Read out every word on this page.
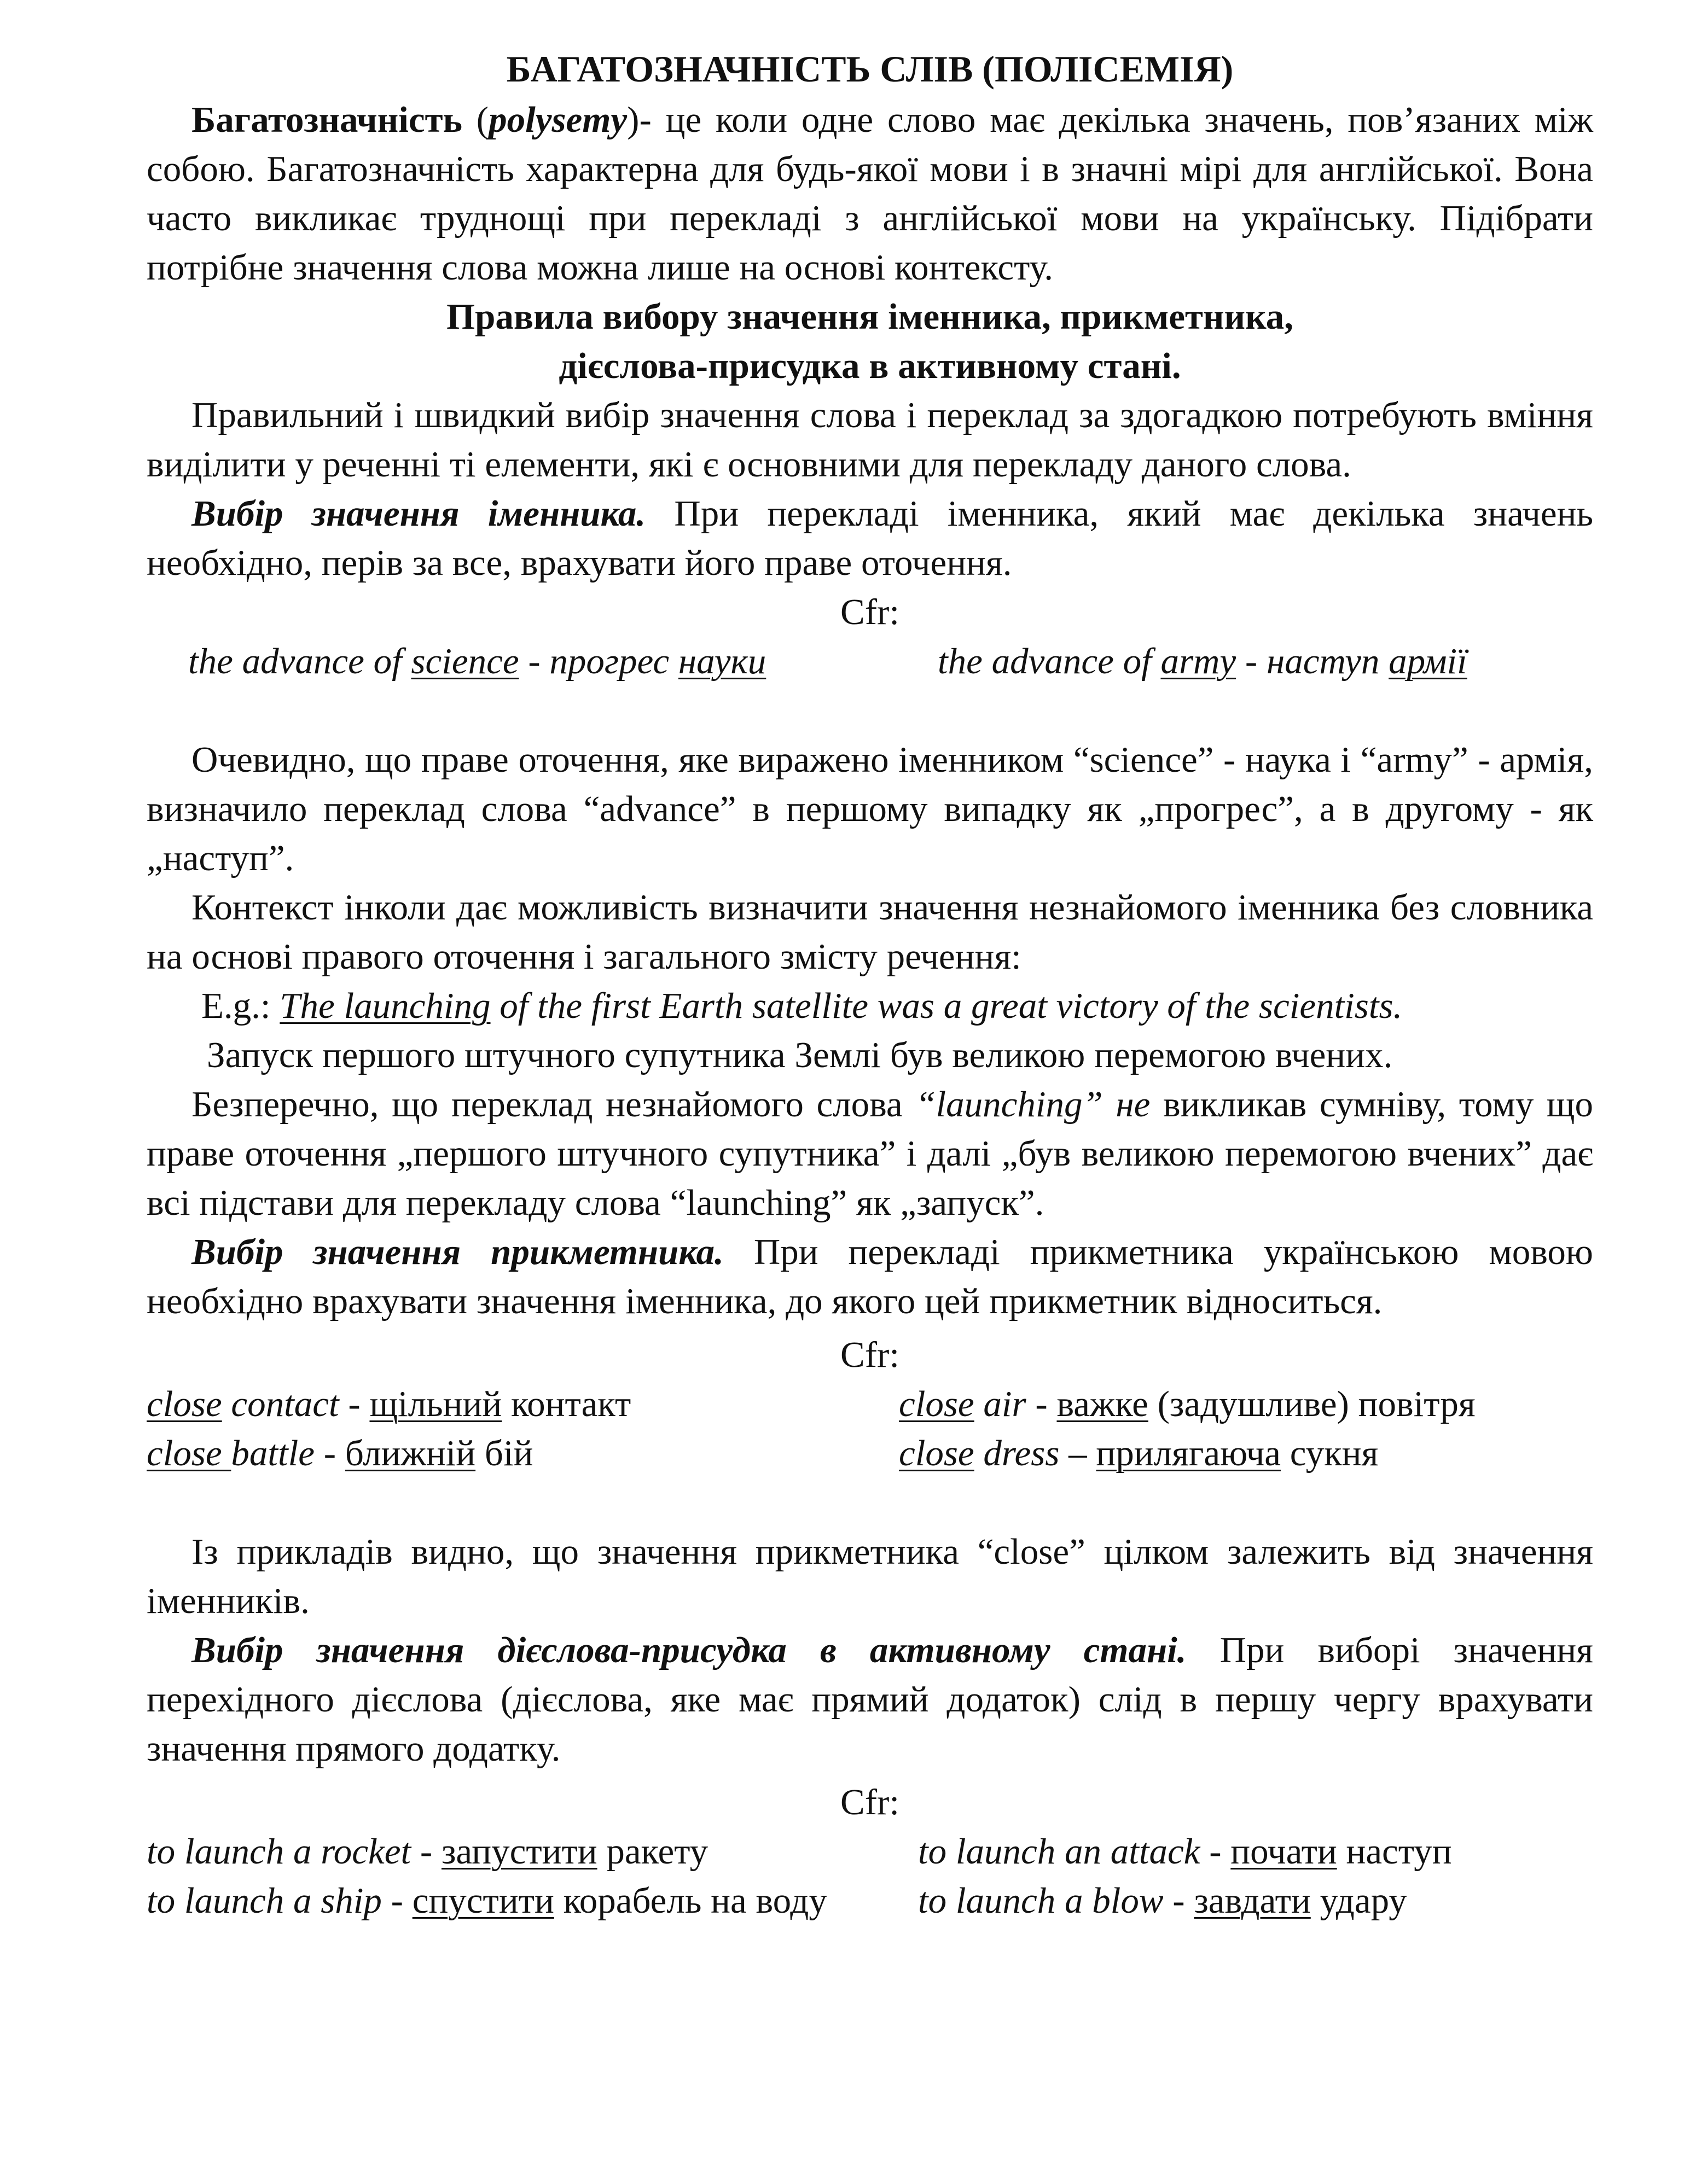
БАГАТОЗНАЧНІСТЬ СЛІВ (ПОЛІСЕМІЯ)

Багатозначність (polysemy)- це коли одне слово має декілька значень, пов’язаних між собою. Багатозначність характерна для будь-якої мови і в значні мірі для англійської. Вона часто викликає труднощі при перекладі з англійської мови на українську. Підібрати потрібне значення слова можна лише на основі контексту.

Правила вибору значення іменника, прикметника,

дієслова-присудка в активному стані.

Правильний і швидкий вибір значення слова і переклад за здогадкою потребують вміння виділити у реченні ті елементи, які є основними для перекладу даного слова.

Вибір значення іменника. При перекладі іменника, який має декілька значень необхідно, перів за все, врахувати його праве оточення.

Cfr:

the advance of science - прогрес науки	the advance of army - наступ армії

Очевидно, що праве оточення, яке виражено іменником “science” - наука і “army” - армія, визначило переклад слова “advance” в першому випадку як „прогрес”, а в другому - як „наступ”.

Контекст інколи дає можливість визначити значення незнайомого іменника без словника на основі правого оточення і загального змісту речення:

E.g.: The launching of the first Earth satellite was a great victory of the scientists.

Запуск першого штучного супутника Землі був великою перемогою вчених.

Безперечно, що переклад незнайомого слова “launching” не викликав сумніву, тому що праве оточення „першого штучного супутника” і далі „був великою перемогою вчених” дає всі підстави для перекладу слова “launching” як „запуск”.

Вибір значення прикметника. При перекладі прикметника українською мовою необхідно врахувати значення іменника, до якого цей прикметник відноситься.

Cfr:

close contact - щільний контакт
close battle - ближній бій
close air - важке (задушливе) повітря
close dress – прилягаюча сукня

Із прикладів видно, що значення прикметника “close” цілком залежить від значення іменників.

Вибір значення дієслова-присудка в активному стані. При виборі значення перехідного дієслова (дієслова, яке має прямий додаток) слід в першу чергу врахувати значення прямого додатку.

Cfr:

to launch a rocket - запустити ракету
to launch a ship - спустити корабель на воду
to launch an attack - почати наступ
to launch a blow - завдати удару
